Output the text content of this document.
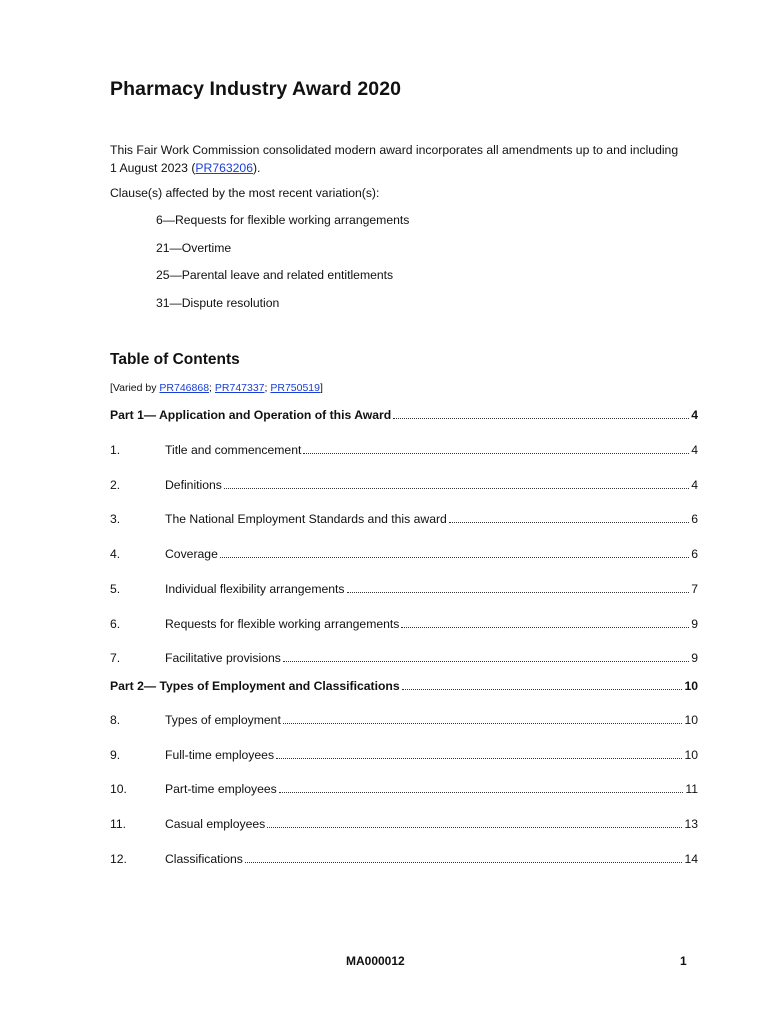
Pharmacy Industry Award 2020
This Fair Work Commission consolidated modern award incorporates all amendments up to and including 1 August 2023 (PR763206).
Clause(s) affected by the most recent variation(s):
6—Requests for flexible working arrangements
21—Overtime
25—Parental leave and related entitlements
31—Dispute resolution
Table of Contents
[Varied by PR746868; PR747337; PR750519]
Part 1— Application and Operation of this Award	4
1.	Title and commencement	4
2.	Definitions	4
3.	The National Employment Standards and this award	6
4.	Coverage	6
5.	Individual flexibility arrangements	7
6.	Requests for flexible working arrangements	9
7.	Facilitative provisions	9
Part 2— Types of Employment and Classifications	10
8.	Types of employment	10
9.	Full-time employees	10
10.	Part-time employees	11
11.	Casual employees	13
12.	Classifications	14
MA000012	1
